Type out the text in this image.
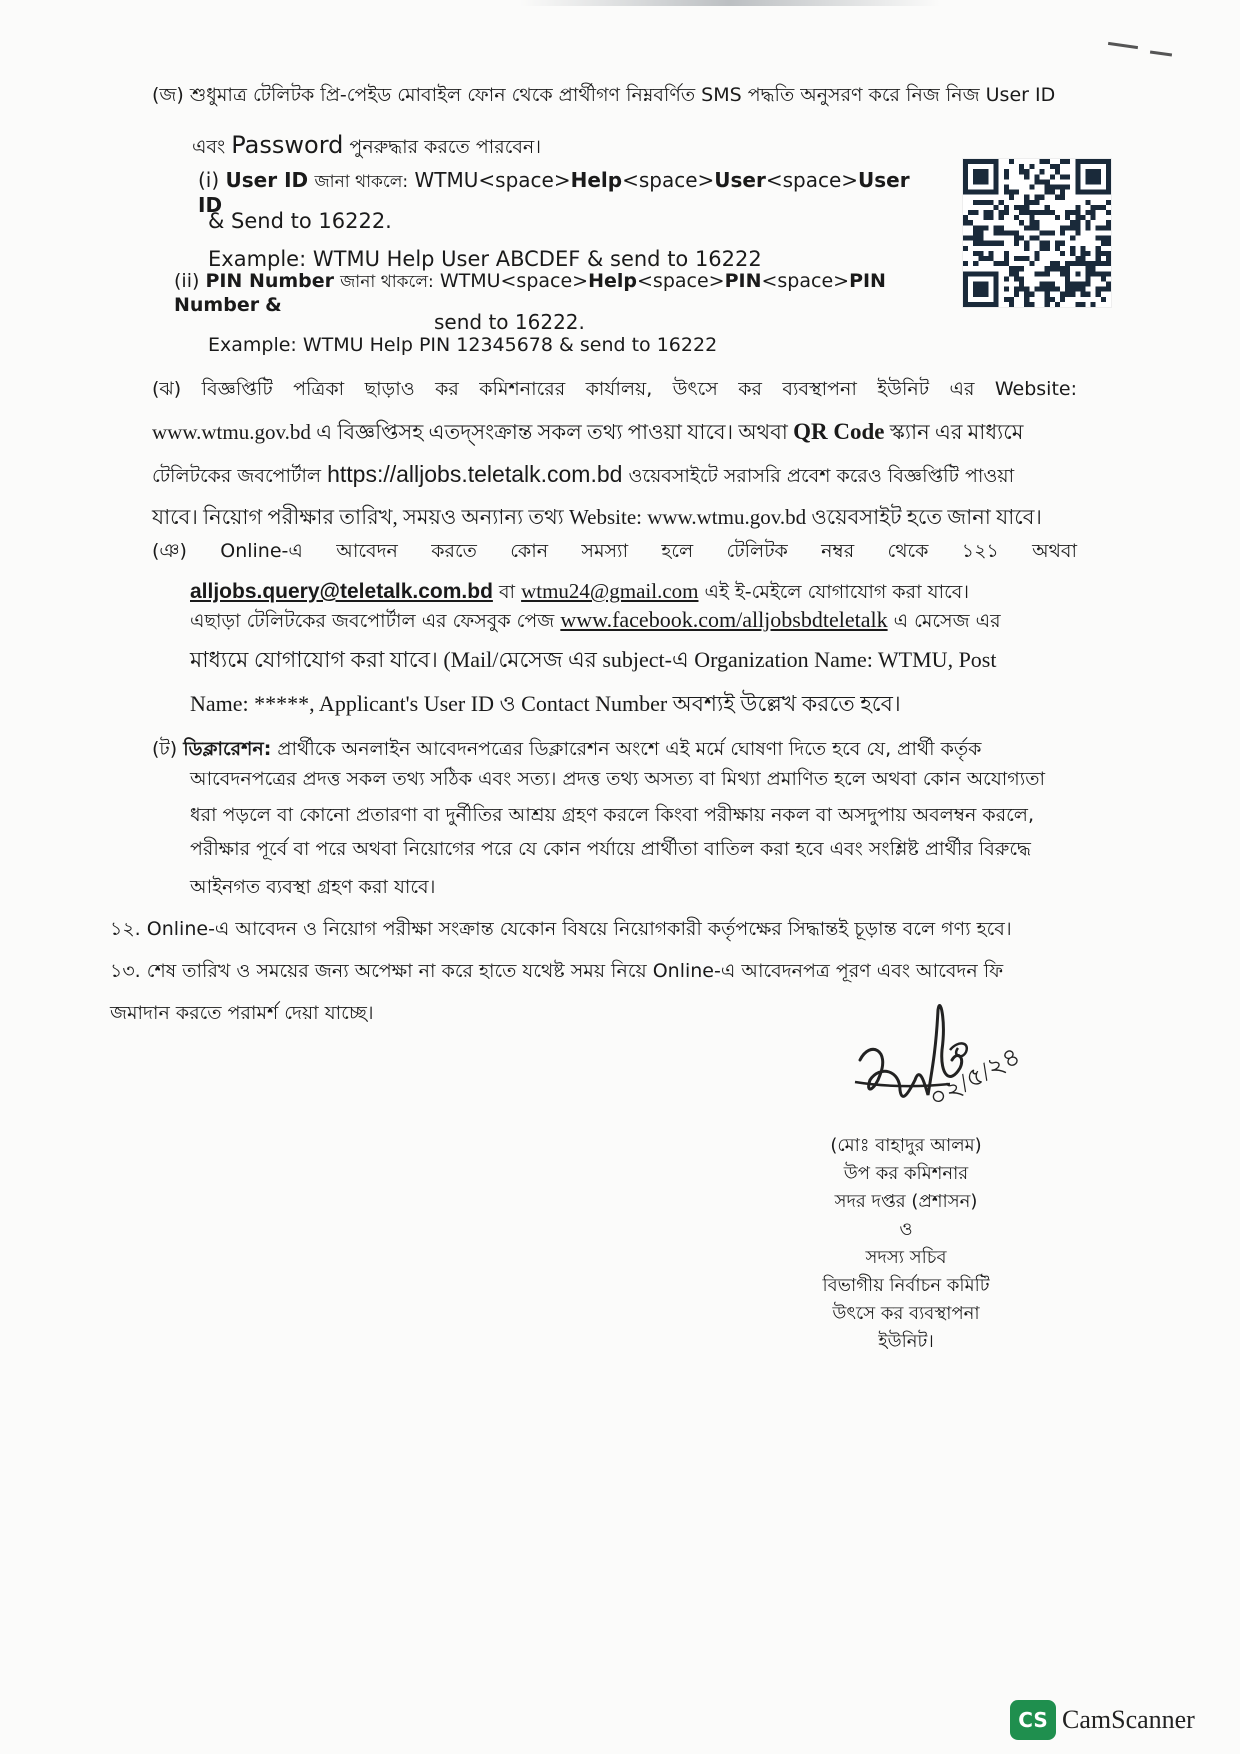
(জ) শুধুমাত্র টেলিটক প্রি-পেইড মোবাইল ফোন থেকে প্রার্থীগণ নিম্নবর্ণিত SMS পদ্ধতি অনুসরণ করে নিজ নিজ User ID
এবং Password পুনরুদ্ধার করতে পারবেন।
(i) User ID জানা থাকলে: WTMU<space>Help<space>User<space>User ID
& Send to 16222.
Example: WTMU Help User ABCDEF & send to 16222
(ii) PIN Number জানা থাকলে: WTMU<space>Help<space>PIN<space>PIN Number &
send to 16222.
Example: WTMU Help PIN 12345678 & send to 16222
(ঝ) বিজ্ঞপ্তিটি পত্রিকা ছাড়াও কর কমিশনারের কার্যালয়, উৎসে কর ব্যবস্থাপনা ইউনিট এর Website:
www.wtmu.gov.bd এ বিজ্ঞপ্তিসহ এতদ্‌সংক্রান্ত সকল তথ্য পাওয়া যাবে। অথবা QR Code স্ক্যান এর মাধ্যমে
টেলিটকের জবপোর্টাল https://alljobs.teletalk.com.bd ওয়েবসাইটে সরাসরি প্রবেশ করেও বিজ্ঞপ্তিটি পাওয়া
যাবে। নিয়োগ পরীক্ষার তারিখ, সময়ও অন্যান্য তথ্য Website: www.wtmu.gov.bd ওয়েবসাইট হতে জানা যাবে।
(ঞ) Online-এ আবেদন করতে কোন সমস্যা হলে টেলিটক নম্বর থেকে ১২১ অথবা
alljobs.query@teletalk.com.bd বা wtmu24@gmail.com এই ই-মেইলে যোগাযোগ করা যাবে।
এছাড়া টেলিটকের জবপোর্টাল এর ফেসবুক পেজ www.facebook.com/alljobsbdteletalk এ মেসেজ এর
মাধ্যমে যোগাযোগ করা যাবে। (Mail/মেসেজ এর subject-এ Organization Name: WTMU, Post
Name: *****, Applicant's User ID ও Contact Number অবশ্যই উল্লেখ করতে হবে।
(ট) ডিক্লারেশন: প্রার্থীকে অনলাইন আবেদনপত্রের ডিক্লারেশন অংশে এই মর্মে ঘোষণা দিতে হবে যে, প্রার্থী কর্তৃক
আবেদনপত্রের প্রদত্ত সকল তথ্য সঠিক এবং সত্য। প্রদত্ত তথ্য অসত্য বা মিথ্যা প্রমাণিত হলে অথবা কোন অযোগ্যতা
ধরা পড়লে বা কোনো প্রতারণা বা দুর্নীতির আশ্রয় গ্রহণ করলে কিংবা পরীক্ষায় নকল বা অসদুপায় অবলম্বন করলে,
পরীক্ষার পূর্বে বা পরে অথবা নিয়োগের পরে যে কোন পর্যায়ে প্রার্থীতা বাতিল করা হবে এবং সংশ্লিষ্ট প্রার্থীর বিরুদ্ধে
আইনগত ব্যবস্থা গ্রহণ করা যাবে।
১২. Online-এ আবেদন ও নিয়োগ পরীক্ষা সংক্রান্ত যেকোন বিষয়ে নিয়োগকারী কর্তৃপক্ষের সিদ্ধান্তই চূড়ান্ত বলে গণ্য হবে।
১৩. শেষ তারিখ ও সময়ের জন্য অপেক্ষা না করে হাতে যথেষ্ট সময় নিয়ে Online-এ আবেদনপত্র পূরণ এবং আবেদন ফি
জমাদান করতে পরামর্শ দেয়া যাচ্ছে।
০২/৫/২৪
(মোঃ বাহাদুর আলম)
উপ কর কমিশনার
সদর দপ্তর (প্রশাসন)
ও
সদস্য সচিব
বিভাগীয় নির্বাচন কমিটি
উৎসে কর ব্যবস্থাপনা ইউনিট।
CS CamScanner
